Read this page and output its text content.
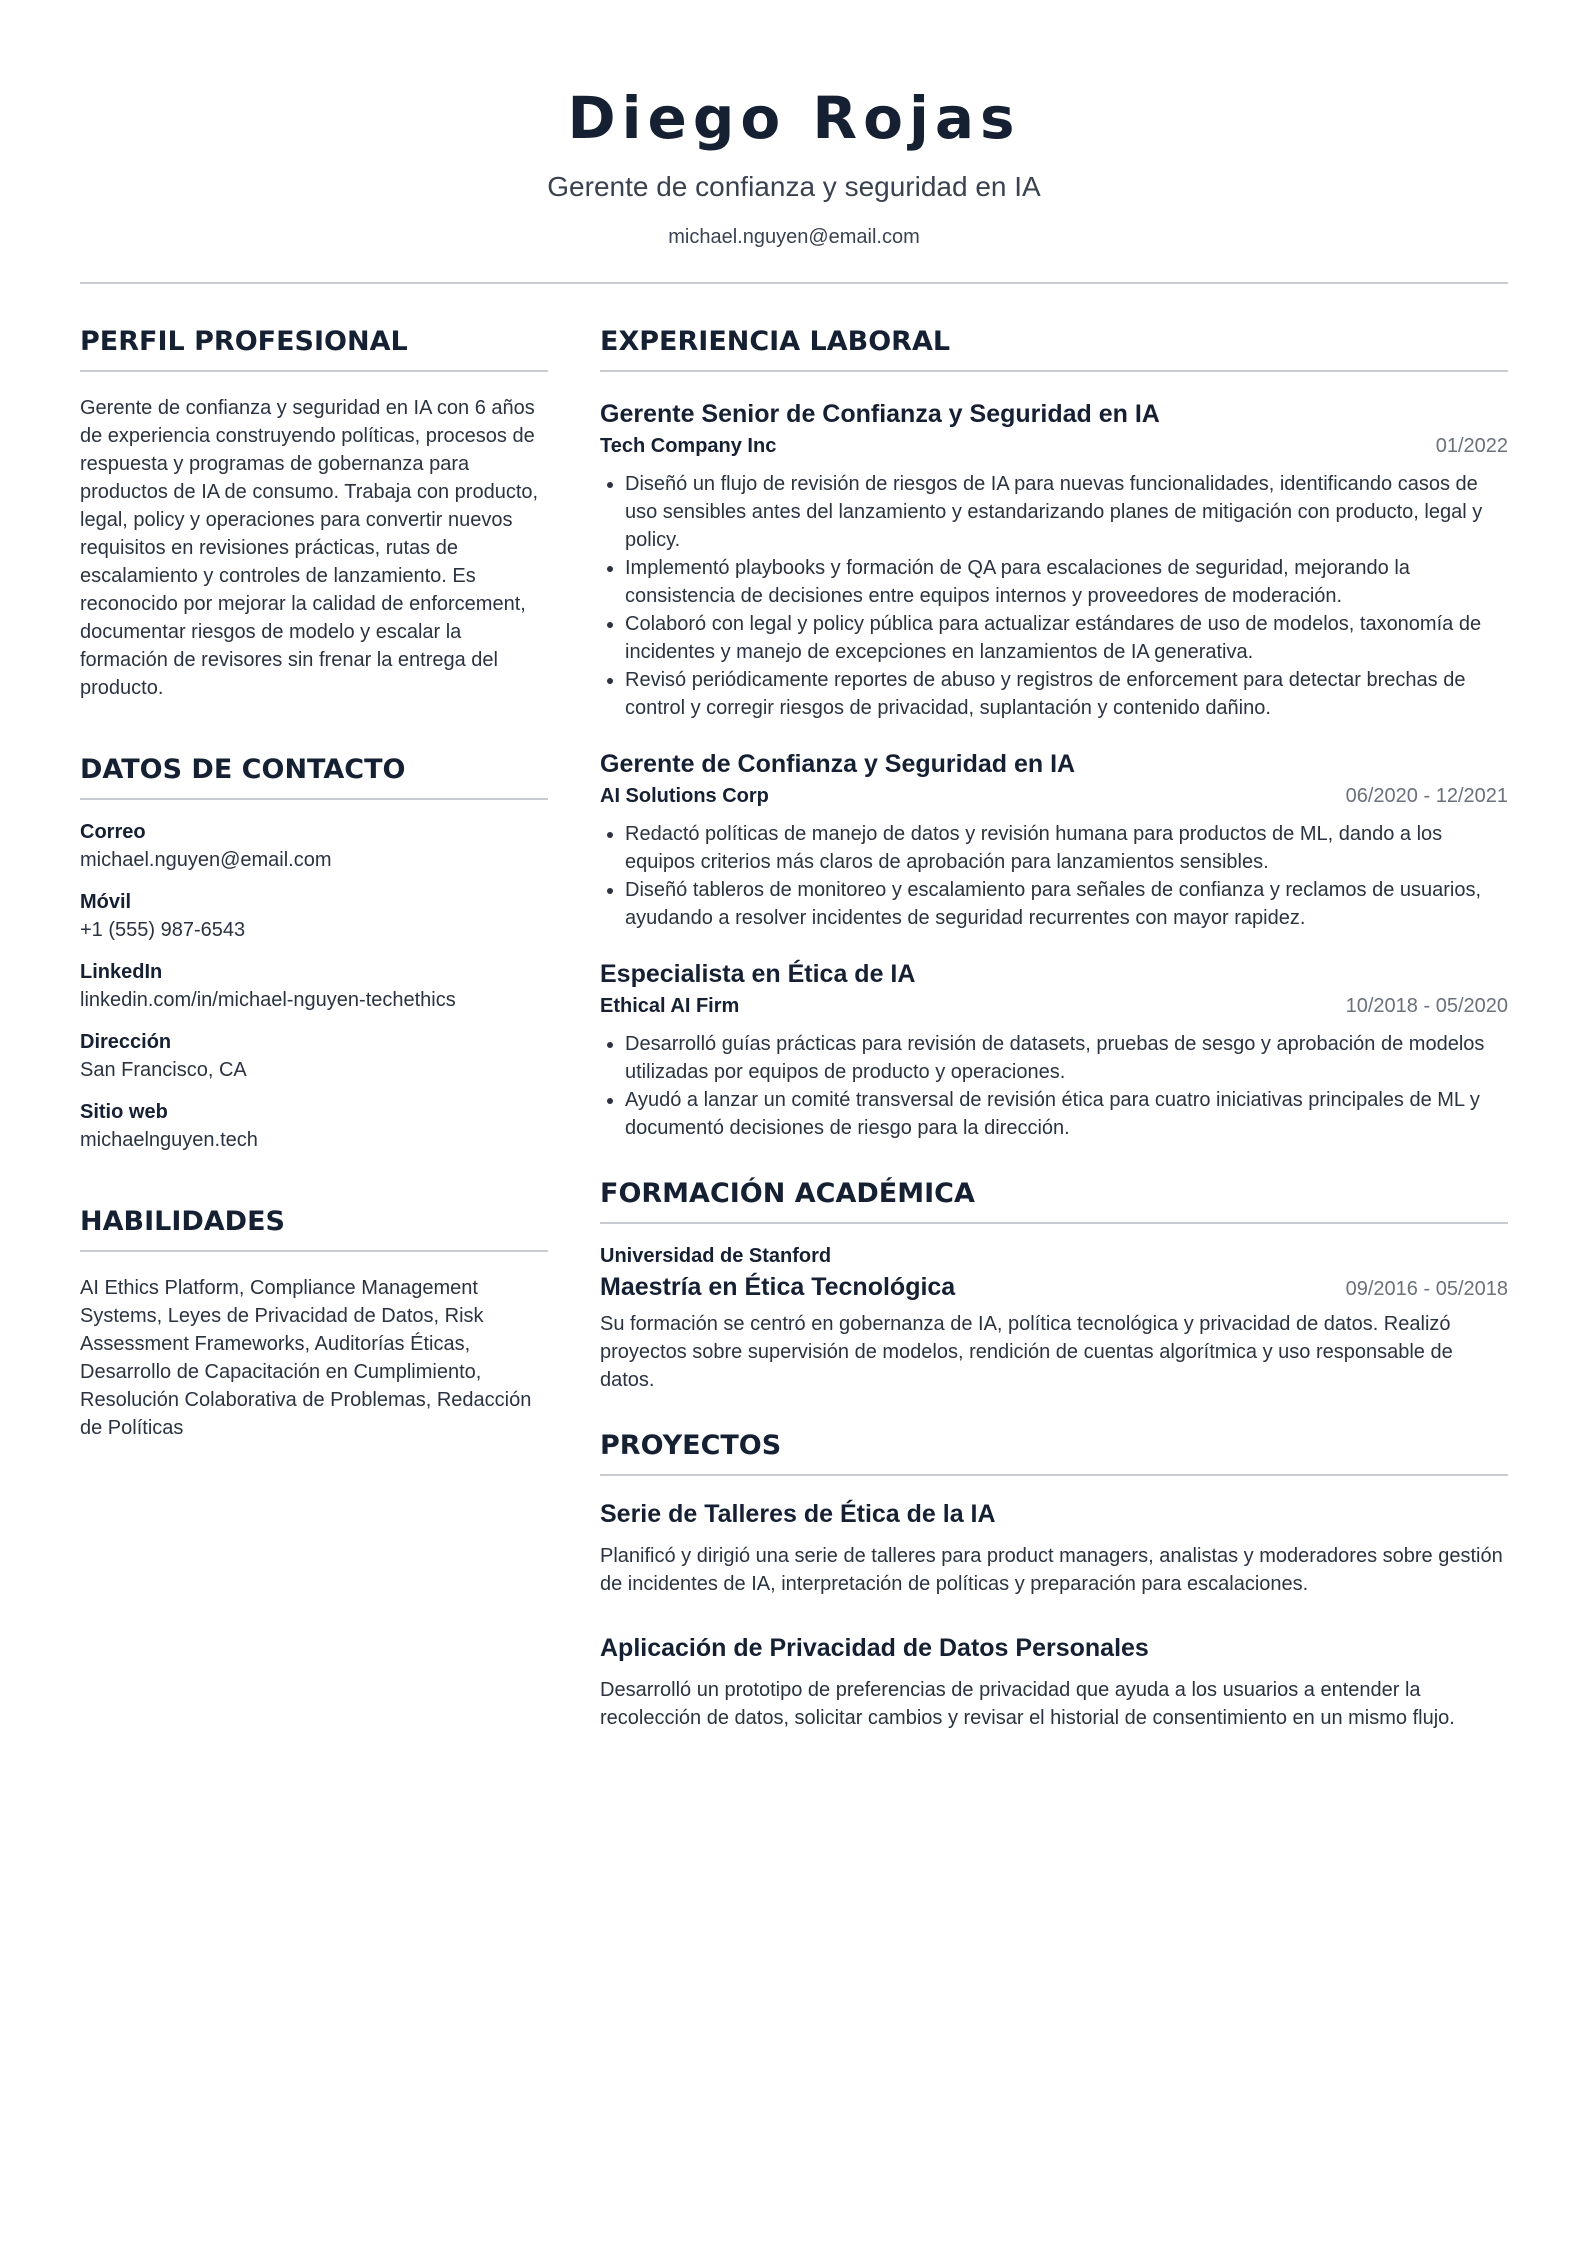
Diego Rojas
Gerente de confianza y seguridad en IA
michael.nguyen@email.com
PERFIL PROFESIONAL

Gerente de confianza y seguridad en IA con 6 años de experiencia construyendo políticas, procesos de respuesta y programas de gobernanza para productos de IA de consumo. Trabaja con producto, legal, policy y operaciones para convertir nuevos requisitos en revisiones prácticas, rutas de escalamiento y controles de lanzamiento. Es reconocido por mejorar la calidad de enforcement, documentar riesgos de modelo y escalar la formación de revisores sin frenar la entrega del producto.

DATOS DE CONTACTO
Correo
michael.nguyen@email.com
Móvil
+1 (555) 987-6543
LinkedIn
linkedin.com/in/michael-nguyen-techethics
Dirección
San Francisco, CA
Sitio web
michaelnguyen.tech
HABILIDADES

AI Ethics Platform, Compliance Management Systems, Leyes de Privacidad de Datos, Risk Assessment Frameworks, Auditorías Éticas, Desarrollo de Capacitación en Cumplimiento, Resolución Colaborativa de Problemas, Redacción de Políticas

EXPERIENCIA LABORAL
Gerente Senior de Confianza y Seguridad en IA
Tech Company Inc	01/2022
• Diseñó un flujo de revisión de riesgos de IA para nuevas funcionalidades, identificando casos de uso sensibles antes del lanzamiento y estandarizando planes de mitigación con producto, legal y policy.
• Implementó playbooks y formación de QA para escalaciones de seguridad, mejorando la consistencia de decisiones entre equipos internos y proveedores de moderación.
• Colaboró con legal y policy pública para actualizar estándares de uso de modelos, taxonomía de incidentes y manejo de excepciones en lanzamientos de IA generativa.
• Revisó periódicamente reportes de abuso y registros de enforcement para detectar brechas de control y corregir riesgos de privacidad, suplantación y contenido dañino.
Gerente de Confianza y Seguridad en IA
AI Solutions Corp	06/2020 - 12/2021
• Redactó políticas de manejo de datos y revisión humana para productos de ML, dando a los equipos criterios más claros de aprobación para lanzamientos sensibles.
• Diseñó tableros de monitoreo y escalamiento para señales de confianza y reclamos de usuarios, ayudando a resolver incidentes de seguridad recurrentes con mayor rapidez.
Especialista en Ética de IA
Ethical AI Firm	10/2018 - 05/2020
• Desarrolló guías prácticas para revisión de datasets, pruebas de sesgo y aprobación de modelos utilizadas por equipos de producto y operaciones.
• Ayudó a lanzar un comité transversal de revisión ética para cuatro iniciativas principales de ML y documentó decisiones de riesgo para la dirección.
FORMACIÓN ACADÉMICA
Universidad de Stanford
Maestría en Ética Tecnológica	09/2016 - 05/2018

Su formación se centró en gobernanza de IA, política tecnológica y privacidad de datos. Realizó proyectos sobre supervisión de modelos, rendición de cuentas algorítmica y uso responsable de datos.

PROYECTOS
Serie de Talleres de Ética de la IA

Planificó y dirigió una serie de talleres para product managers, analistas y moderadores sobre gestión de incidentes de IA, interpretación de políticas y preparación para escalaciones.

Aplicación de Privacidad de Datos Personales

Desarrolló un prototipo de preferencias de privacidad que ayuda a los usuarios a entender la recolección de datos, solicitar cambios y revisar el historial de consentimiento en un mismo flujo.
